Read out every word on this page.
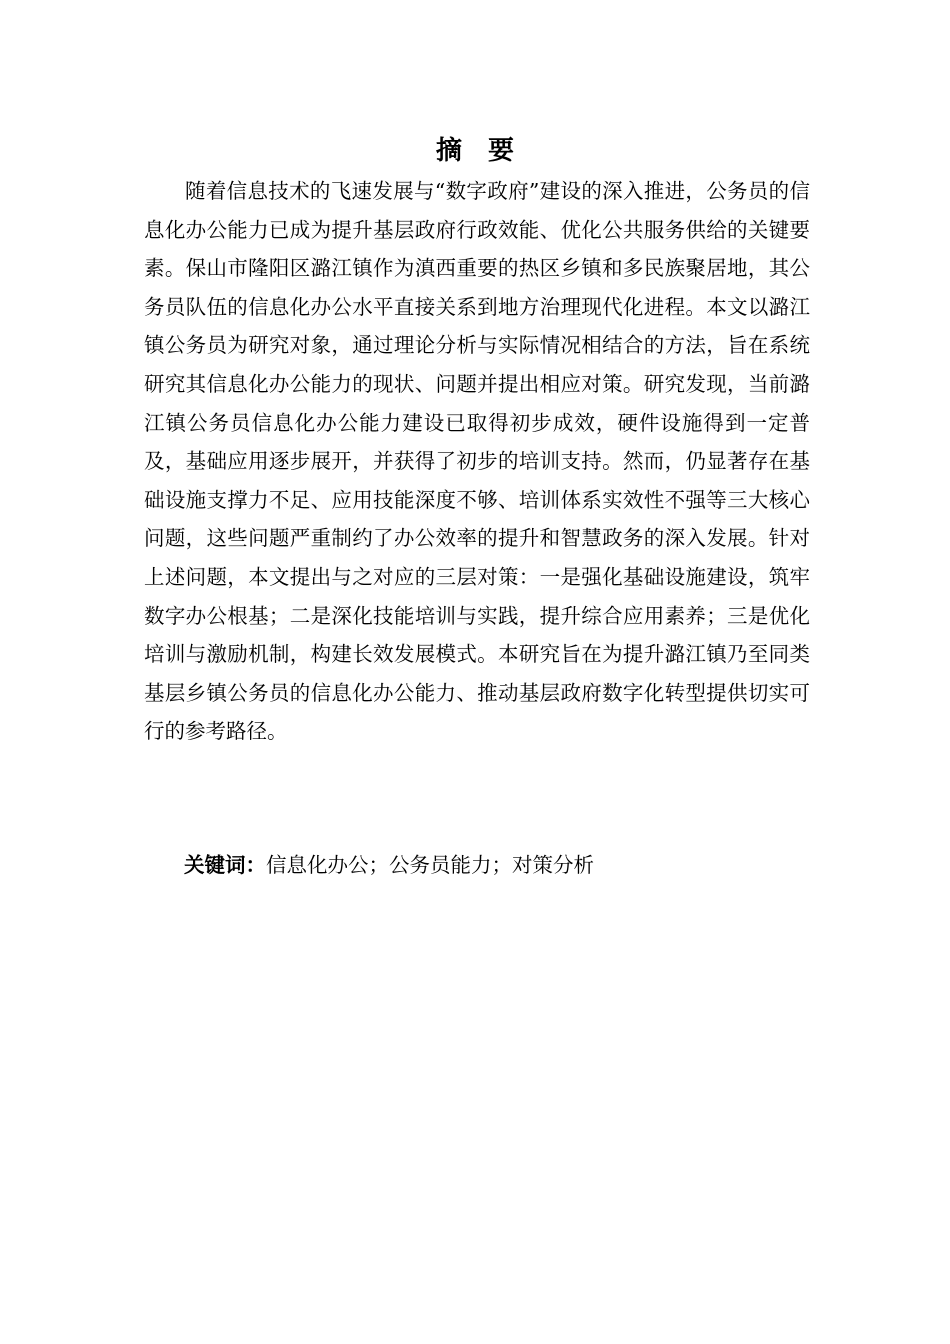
摘要

随着信息技术的飞速发展与“数字政府”建设的深入推进，公务员的信息化办公能力已成为提升基层政府行政效能、优化公共服务供给的关键要素。保山市隆阳区潞江镇作为滇西重要的热区乡镇和多民族聚居地，其公务员队伍的信息化办公水平直接关系到地方治理现代化进程。本文以潞江镇公务员为研究对象，通过理论分析与实际情况相结合的方法，旨在系统研究其信息化办公能力的现状、问题并提出相应对策。研究发现，当前潞江镇公务员信息化办公能力建设已取得初步成效，硬件设施得到一定普及，基础应用逐步展开，并获得了初步的培训支持。然而，仍显著存在基础设施支撑力不足、应用技能深度不够、培训体系实效性不强等三大核心问题，这些问题严重制约了办公效率的提升和智慧政务的深入发展。针对上述问题，本文提出与之对应的三层对策：一是强化基础设施建设，筑牢数字办公根基；二是深化技能培训与实践，提升综合应用素养；三是优化培训与激励机制，构建长效发展模式。本研究旨在为提升潞江镇乃至同类基层乡镇公务员的信息化办公能力、推动基层政府数字化转型提供切实可行的参考路径。

关键词：信息化办公；公务员能力；对策分析
